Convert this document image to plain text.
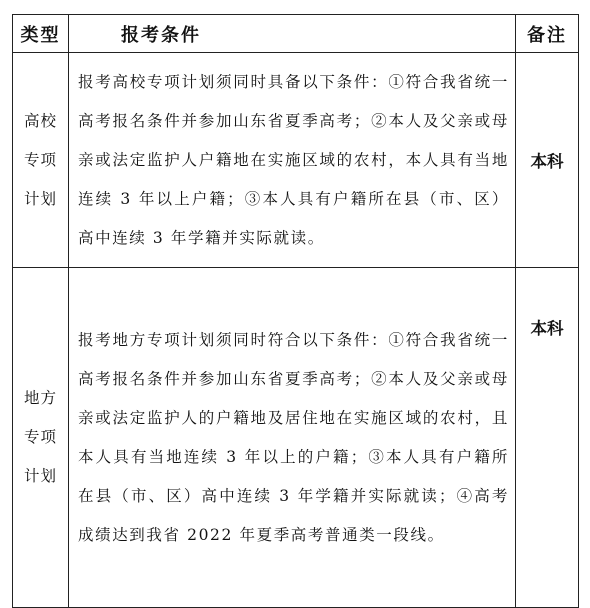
类型	报考条件	备注

高校
专项
计划	报考高校专项计划须同时具备以下条件：①符合我省统一高考报名条件并参加山东省夏季高考；②本人及父亲或母亲或法定监护人户籍地在实施区域的农村，本人具有当地连续 3 年以上户籍；③本人具有户籍所在县（市、区）高中连续 3 年学籍并实际就读。	本科

地方
专项
计划	报考地方专项计划须同时符合以下条件：①符合我省统一高考报名条件并参加山东省夏季高考；②本人及父亲或母亲或法定监护人的户籍地及居住地在实施区域的农村，且本人具有当地连续 3 年以上的户籍；③本人具有户籍所在县（市、区）高中连续 3 年学籍并实际就读；④高考成绩达到我省 2022 年夏季高考普通类一段线。	本科
